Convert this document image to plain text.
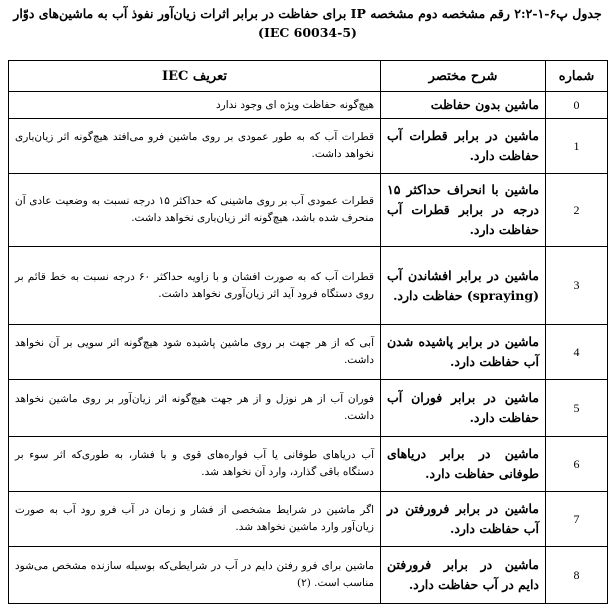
جدول پ۶-۱-۲:۲ رقم مشخصه دوم مشخصه IP برای حفاظت در برابر اثرات زیان‌آور نفوذ آب به ماشین‌های دوّار (IEC 60034-5)
شماره	شرح مختصر	تعریف IEC
0	ماشین بدون حفاظت	هیچ‌گونه حفاظت ویژه ای وجود ندارد
1	ماشین در برابر قطرات آب حفاظت دارد.	قطرات آب که به طور عمودی بر روی ماشین فرو می‌افتد هیچ‌گونه اثر زیان‌باری نخواهد داشت.
2	ماشین با انحراف حداکثر ۱۵ درجه در برابر قطرات آب حفاظت دارد.	قطرات عمودی آب بر روی ماشینی که حداکثر ۱۵ درجه نسبت به وضعیت عادی آن منحرف شده باشد، هیچ‌گونه اثر زیان‌باری نخواهد داشت.
3	ماشین در برابر افشاندن آب (spraying) حفاظت دارد.	قطرات آب که به صورت افشان و با زاویه حداکثر ۶۰ درجه نسبت به خط قائم بر روی دستگاه فرود آید اثر زیان‌آوری نخواهد داشت.
4	ماشین در برابر پاشیده شدن آب حفاظت دارد.	آبی که از هر جهت بر روی ماشین پاشیده شود هیچ‌گونه اثر سویی بر آن نخواهد داشت.
5	ماشین در برابر فوران آب حفاظت دارد.	فوران آب از هر نوزل و از هر جهت هیچ‌گونه اثر زیان‌آور بر روی ماشین نخواهد داشت.
6	ماشین در برابر دریاهای طوفانی حفاظت دارد.	آب دریاهای طوفانی یا آب فواره‌های قوی و با فشار، به طوری‌که اثر سوء بر دستگاه باقی گذارد، وارد آن نخواهد شد.
7	ماشین در برابر فرورفتن در آب حفاظت دارد.	اگر ماشین در شرایط مشخصی از فشار و زمان در آب فرو رود آب به صورت زیان‌آور وارد ماشین نخواهد شد.
8	ماشین در برابر فرورفتن دایم در آب حفاظت دارد.	ماشین برای فرو رفتن دایم در آب در شرایطی‌که بوسیله سازنده مشخص می‌شود مناسب است. (۲)
